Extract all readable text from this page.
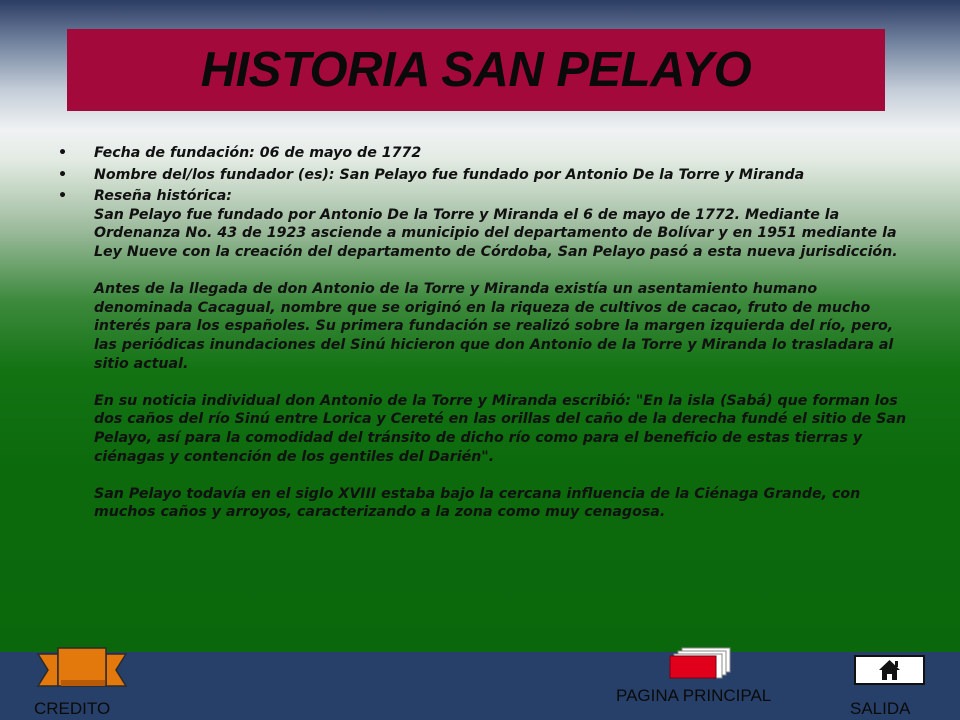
HISTORIA SAN PELAYO
• Fecha de fundación: 06 de mayo de 1772
• Nombre del/los fundador (es): San Pelayo fue fundado por Antonio De la Torre y Miranda
• Reseña histórica:
San Pelayo fue fundado por Antonio De la Torre y Miranda el 6 de mayo de 1772. Mediante la Ordenanza No. 43 de 1923 asciende a municipio del departamento de Bolívar y en 1951 mediante la Ley Nueve con la creación del departamento de Córdoba, San Pelayo pasó a esta nueva jurisdicción.
Antes de la llegada de don Antonio de la Torre y Miranda existía un asentamiento humano denominada Cacagual, nombre que se originó en la riqueza de cultivos de cacao, fruto de mucho interés para los españoles. Su primera fundación se realizó sobre la margen izquierda del río, pero, las periódicas inundaciones del Sinú hicieron que don Antonio de la Torre y Miranda lo trasladara al sitio actual.
En su noticia individual don Antonio de la Torre y Miranda escribió: "En la isla (Sabá) que forman los dos caños del río Sinú entre Lorica y Cereté en las orillas del caño de la derecha fundé el sitio de San Pelayo, así para la comodidad del tránsito de dicho río como para el beneficio de estas tierras y ciénagas y contención de los gentiles del Darién".
San Pelayo todavía en el siglo XVIII estaba bajo la cercana influencia de la Ciénaga Grande, con muchos caños y arroyos, caracterizando a la zona como muy cenagosa.
CREDITO
PAGINA PRINCIPAL
SALIDA
